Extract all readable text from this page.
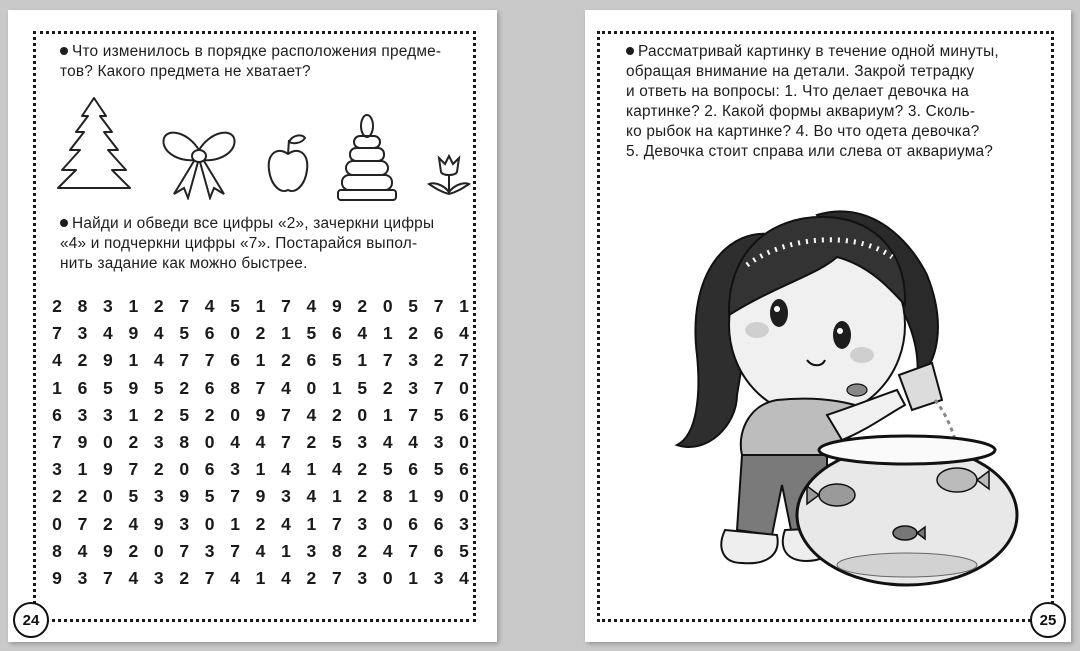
Что изменилось в порядке расположения предме-
тов? Какого предмета не хватает?
Найди и обведи все цифры «2», зачеркни цифры
«4» и подчеркни цифры «7». Постарайся выпол-
нить задание как можно быстрее.
2 8 3 1 2 7 4 5 1 7 4 9 2 0 5 7 1
7 3 4 9 4 5 6 0 2 1 5 6 4 1 2 6 4
4 2 9 1 4 7 7 6 1 2 6 5 1 7 3 2 7
1 6 5 9 5 2 6 8 7 4 0 1 5 2 3 7 0
6 3 3 1 2 5 2 0 9 7 4 2 0 1 7 5 6
7 9 0 2 3 8 0 4 4 7 2 5 3 4 4 3 0
3 1 9 7 2 0 6 3 1 4 1 4 2 5 6 5 6
2 2 0 5 3 9 5 7 9 3 4 1 2 8 1 9 0
0 7 2 4 9 3 0 1 2 4 1 7 3 0 6 6 3
8 4 9 2 0 7 3 7 4 1 3 8 2 4 7 6 5
9 3 7 4 3 2 7 4 1 4 2 7 3 0 1 3 4
24
Рассматривай картинку в течение одной минуты,
обращая внимание на детали. Закрой тетрадку
и ответь на вопросы: 1. Что делает девочка на
картинке? 2. Какой формы аквариум? 3. Сколь-
ко рыбок на картинке? 4. Во что одета девочка?
5. Девочка стоит справа или слева от аквариума?
25
